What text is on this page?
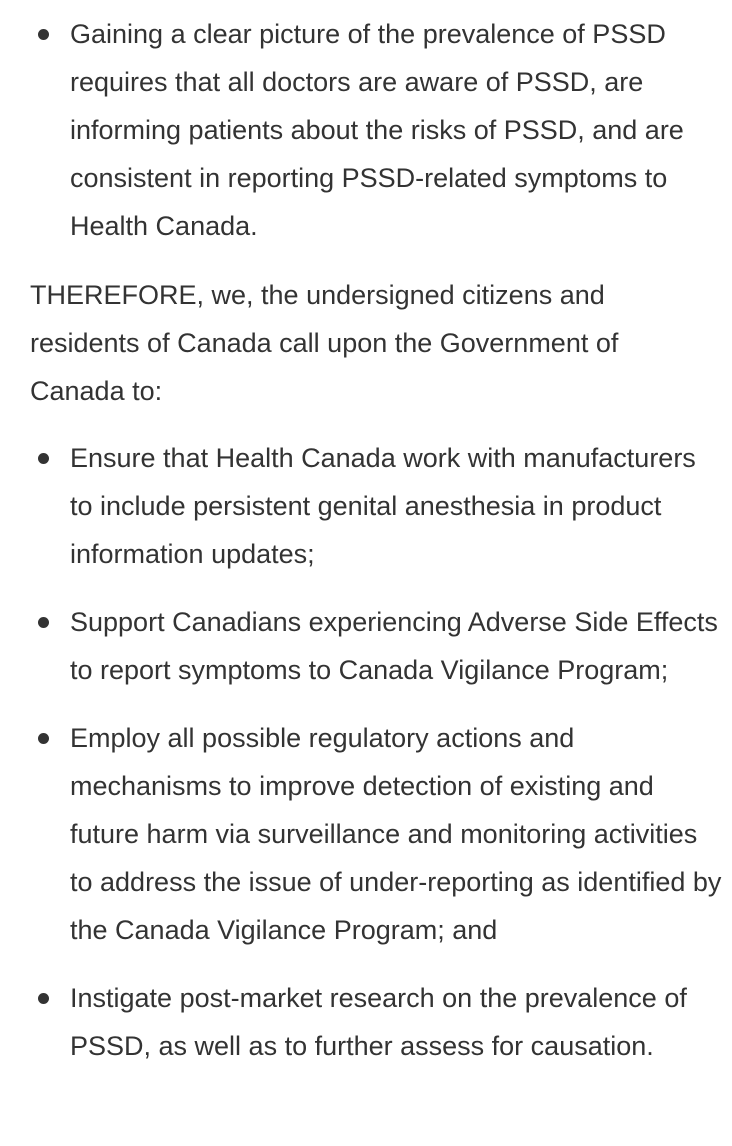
Gaining a clear picture of the prevalence of PSSD requires that all doctors are aware of PSSD, are informing patients about the risks of PSSD, and are consistent in reporting PSSD-related symptoms to Health Canada.

THEREFORE, we, the undersigned citizens and residents of Canada call upon the Government of Canada to:

Ensure that Health Canada work with manufacturers to include persistent genital anesthesia in product information updates;
Support Canadians experiencing Adverse Side Effects to report symptoms to Canada Vigilance Program;
Employ all possible regulatory actions and mechanisms to improve detection of existing and future harm via surveillance and monitoring activities to address the issue of under-reporting as identified by the Canada Vigilance Program; and
Instigate post-market research on the prevalence of PSSD, as well as to further assess for causation.
